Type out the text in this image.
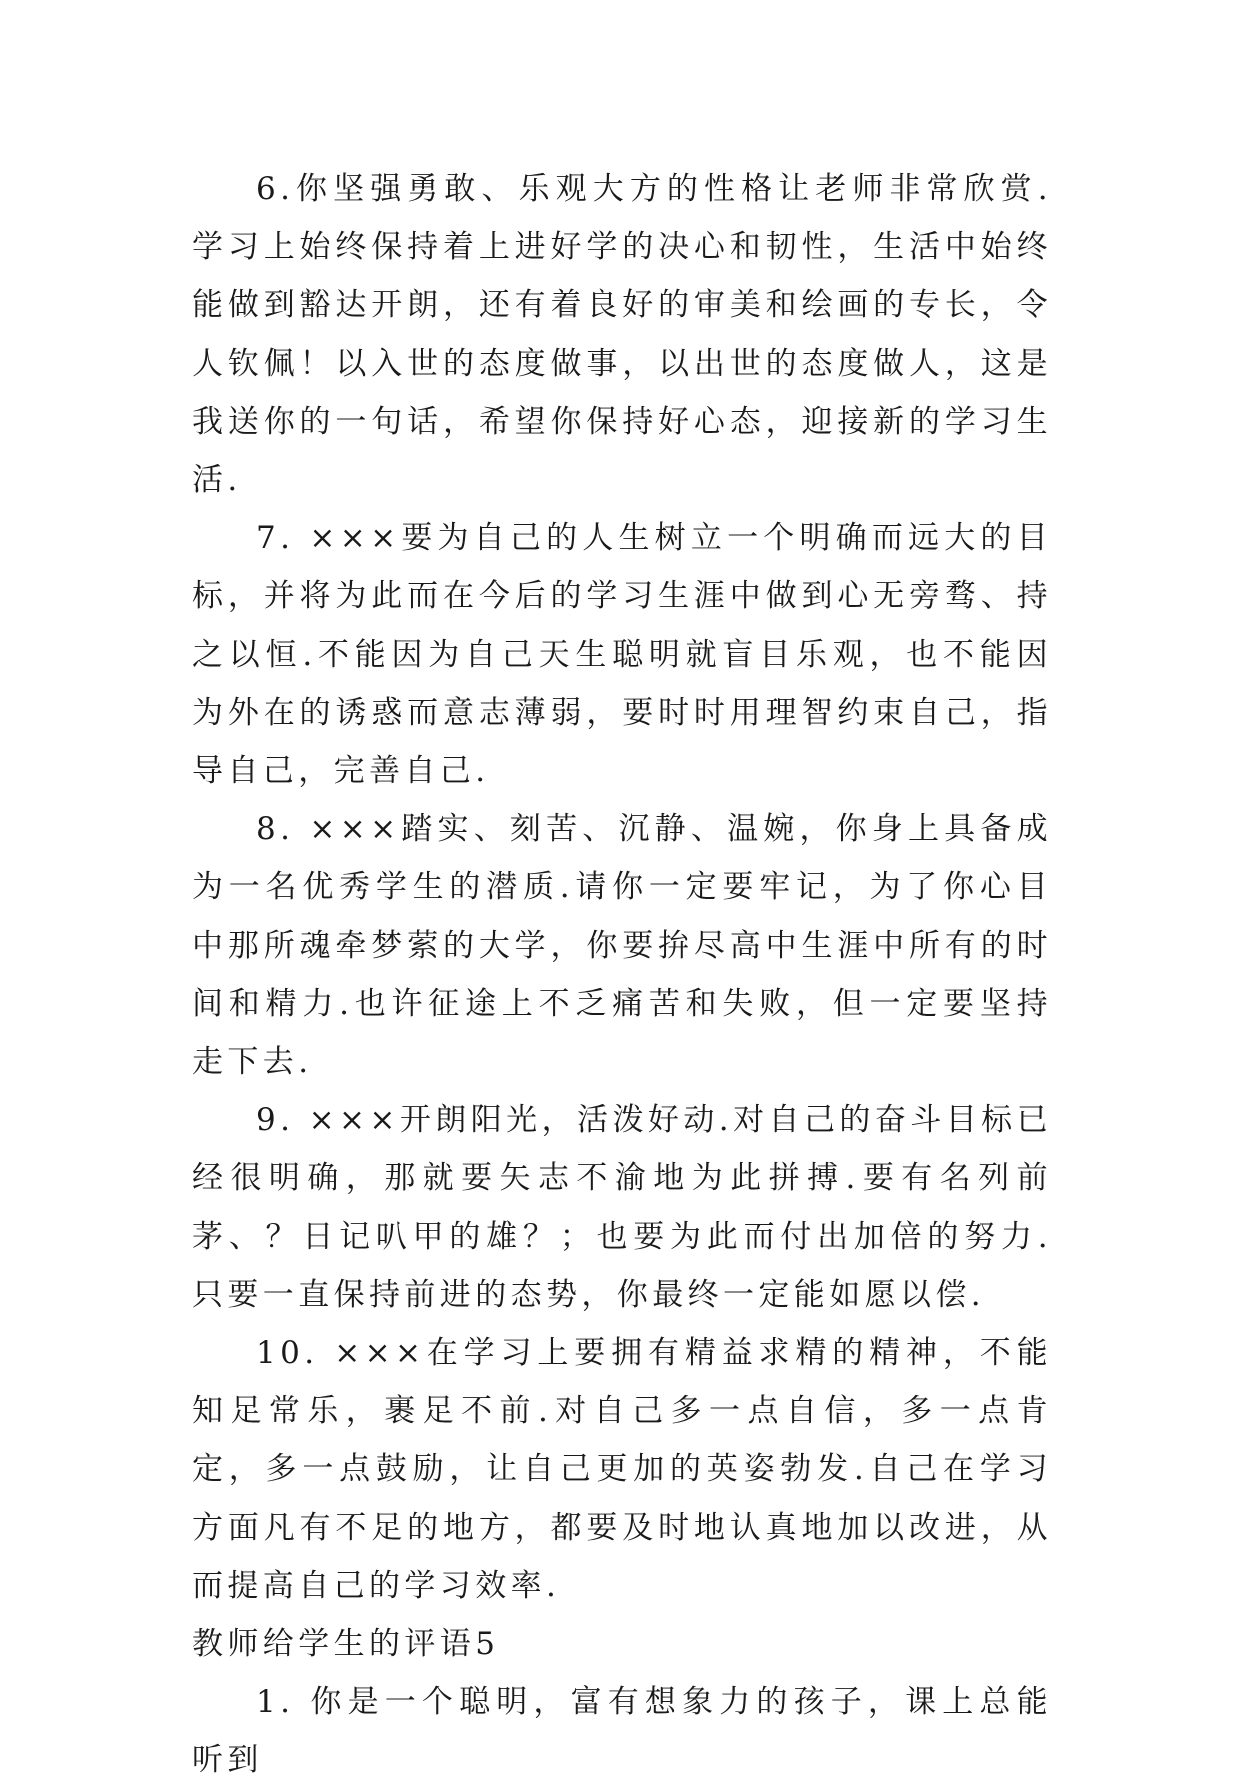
6.你坚强勇敢、乐观大方的性格让老师非常欣赏.学习上始终保持着上进好学的决心和韧性，生活中始终能做到豁达开朗，还有着良好的审美和绘画的专长，令人钦佩！以入世的态度做事，以出世的态度做人，这是我送你的一句话，希望你保持好心态，迎接新的学习生活.

7. ×××要为自己的人生树立一个明确而远大的目标，并将为此而在今后的学习生涯中做到心无旁骛、持之以恒.不能因为自己天生聪明就盲目乐观，也不能因为外在的诱惑而意志薄弱，要时时用理智约束自己，指导自己，完善自己.

8. ×××踏实、刻苦、沉静、温婉，你身上具备成为一名优秀学生的潜质.请你一定要牢记，为了你心目中那所魂牵梦萦的大学，你要拚尽高中生涯中所有的时间和精力.也许征途上不乏痛苦和失败，但一定要坚持走下去.

9. ×××开朗阳光，活泼好动.对自己的奋斗目标已经很明确，那就要矢志不渝地为此拼搏.要有名列前茅、？日记叭甲的雄？；也要为此而付出加倍的努力.只要一直保持前进的态势，你最终一定能如愿以偿.

10. ×××在学习上要拥有精益求精的精神，不能知足常乐，裹足不前.对自己多一点自信，多一点肯定，多一点鼓励，让自己更加的英姿勃发.自己在学习方面凡有不足的地方，都要及时地认真地加以改进，从而提高自己的学习效率.

教师给学生的评语5

1. 你是一个聪明，富有想象力的孩子，课上总能听到
